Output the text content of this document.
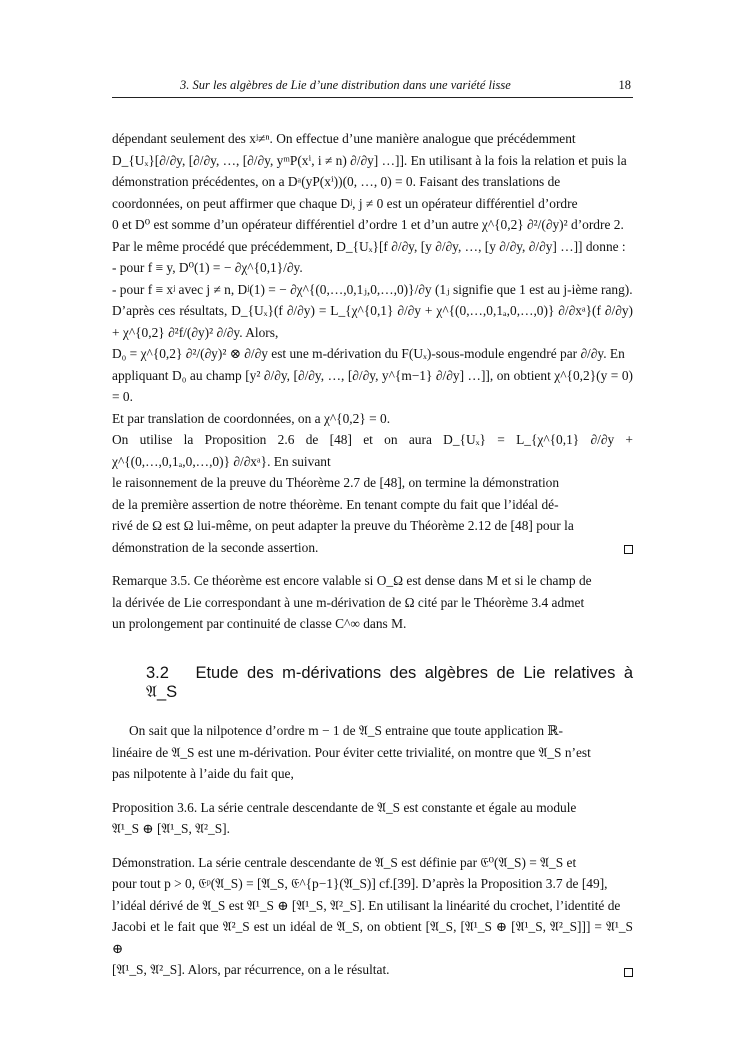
3. Sur les algèbres de Lie d’une distribution dans une variété lisse	18
dépendant seulement des xʲ≠ⁿ. On effectue d’une manière analogue que précédemment
D_{Uₓ}[∂/∂y, [∂/∂y, …, [∂/∂y, yᵐP(xⁱ, i ≠ n) ∂/∂y] …]]. En utilisant à la fois la relation et puis la
démonstration précédentes, on a Dᵃ(yP(xⁱ))(0, …, 0) = 0. Faisant des translations de
coordonnées, on peut affirmer que chaque Dʲ, j ≠ 0 est un opérateur différentiel d’ordre
0 et D⁰ est somme d’un opérateur différentiel d’ordre 1 et d’un autre χ^{0,2} ∂²/(∂y)² d’ordre 2.
Par le même procédé que précédemment, D_{Uₓ}[f ∂/∂y, [y ∂/∂y, …, [y ∂/∂y, ∂/∂y] …]] donne :
- pour f ≡ y, D⁰(1) = − ∂χ^{0,1}/∂y.
- pour f ≡ xʲ avec j ≠ n, Dʲ(1) = − ∂χ^{(0,…,0,1ⱼ,0,…,0)}/∂y (1ⱼ signifie que 1 est au j-ième rang).
D’après ces résultats, D_{Uₓ}(f ∂/∂y) = L_{χ^{0,1} ∂/∂y + χ^{(0,…,0,1ₐ,0,…,0)} ∂/∂xᵃ}(f ∂/∂y) + χ^{0,2} ∂²f/(∂y)² ∂/∂y. Alors,
D₀ = χ^{0,2} ∂²/(∂y)² ⊗ ∂/∂y est une m-dérivation du F(Uₓ)-sous-module engendré par ∂/∂y. En
appliquant D₀ au champ [y² ∂/∂y, [∂/∂y, …, [∂/∂y, y^{m−1} ∂/∂y] …]], on obtient χ^{0,2}(y = 0) = 0.
Et par translation de coordonnées, on a χ^{0,2} = 0.
On utilise la Proposition 2.6 de [48] et on aura D_{Uₓ} = L_{χ^{0,1} ∂/∂y + χ^{(0,…,0,1ₐ,0,…,0)} ∂/∂xᵃ}. En suivant
le raisonnement de la preuve du Théorème 2.7 de [48], on termine la démonstration
de la première assertion de notre théorème. En tenant compte du fait que l’idéal dé-
rivé de Ω est Ω lui-même, on peut adapter la preuve du Théorème 2.12 de [48] pour la
démonstration de la seconde assertion.
Remarque 3.5. Ce théorème est encore valable si O_Ω est dense dans M et si le champ de
la dérivée de Lie correspondant à une m-dérivation de Ω cité par le Théorème 3.4 admet
un prolongement par continuité de classe C^∞ dans M.
3.2 Etude des m-dérivations des algèbres de Lie relatives à 𝔄_S
On sait que la nilpotence d’ordre m − 1 de 𝔄_S entraine que toute application ℝ-
linéaire de 𝔄_S est une m-dérivation. Pour éviter cette trivialité, on montre que 𝔄_S n’est
pas nilpotente à l’aide du fait que,
Proposition 3.6. La série centrale descendante de 𝔄_S est constante et égale au module
𝔄¹_S ⊕ [𝔄¹_S, 𝔄²_S].
Démonstration. La série centrale descendante de 𝔄_S est définie par 𝔈⁰(𝔄_S) = 𝔄_S et
pour tout p > 0, 𝔈ᵖ(𝔄_S) = [𝔄_S, 𝔈^{p−1}(𝔄_S)] cf.[39]. D’après la Proposition 3.7 de [49],
l’idéal dérivé de 𝔄_S est 𝔄¹_S ⊕ [𝔄¹_S, 𝔄²_S]. En utilisant la linéarité du crochet, l’identité de
Jacobi et le fait que 𝔄²_S est un idéal de 𝔄_S, on obtient [𝔄_S, [𝔄¹_S ⊕ [𝔄¹_S, 𝔄²_S]]] = 𝔄¹_S ⊕
[𝔄¹_S, 𝔄²_S]. Alors, par récurrence, on a le résultat.
